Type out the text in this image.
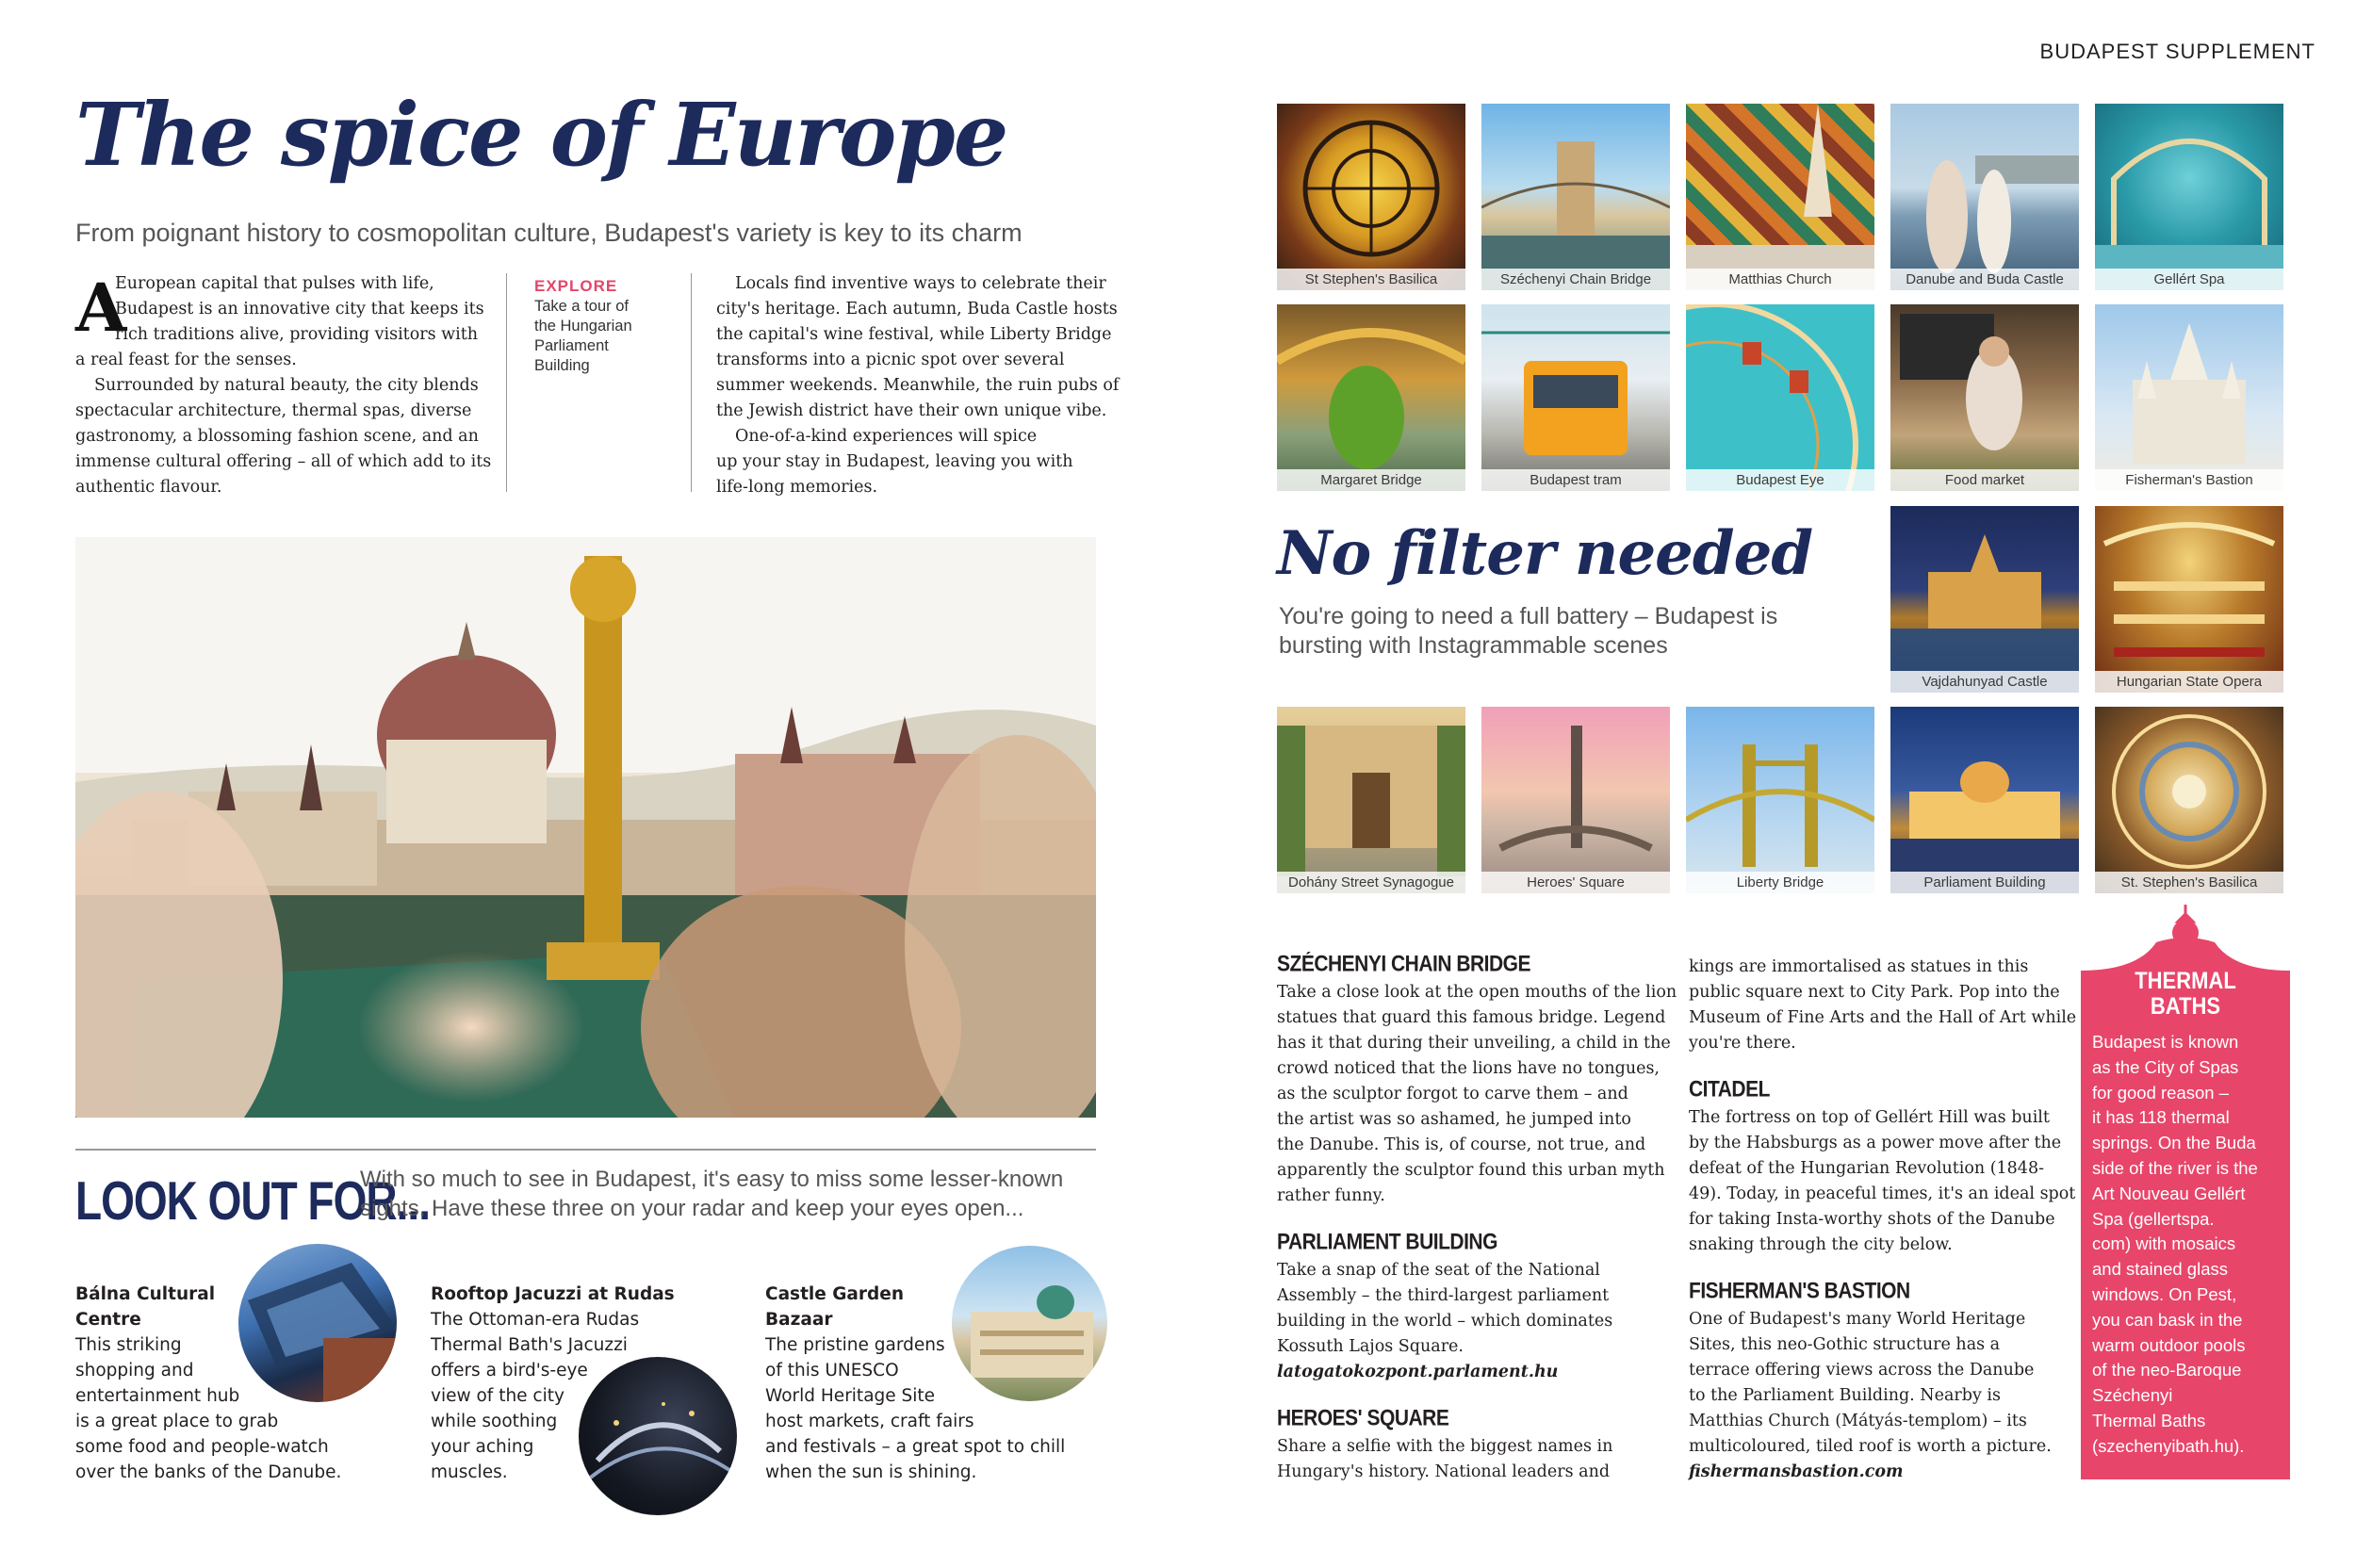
BUDAPEST SUPPLEMENT
The spice of Europe
From poignant history to cosmopolitan culture, Budapest's variety is key to its charm
A
European capital that pulses with life,
Budapest is an innovative city that keeps its
rich traditions alive, providing visitors with
a real feast for the senses.
Surrounded by natural beauty, the city blends
spectacular architecture, thermal spas, diverse
gastronomy, a blossoming fashion scene, and an
immense cultural offering – all of which add to its
authentic flavour.
EXPLORE
Take a tour of
the Hungarian
Parliament
Building
Locals find inventive ways to celebrate their
city's heritage. Each autumn, Buda Castle hosts
the capital's wine festival, while Liberty Bridge
transforms into a picnic spot over several
summer weekends. Meanwhile, the ruin pubs of
the Jewish district have their own unique vibe.
One-of-a-kind experiences will spice
up your stay in Budapest, leaving you with
life-long memories.
LOOK OUT FOR...
With so much to see in Budapest, it's easy to miss some lesser-known
sights. Have these three on your radar and keep your eyes open...
Bálna Cultural
Centre
This striking
shopping and
entertainment hub
is a great place to grab
some food and people-watch
over the banks of the Danube.
Rooftop Jacuzzi at Rudas
The Ottoman-era Rudas
Thermal Bath's Jacuzzi
offers a bird's-eye
view of the city
while soothing
your aching
muscles.
Castle Garden
Bazaar
The pristine gardens
of this UNESCO
World Heritage Site
host markets, craft fairs
and festivals – a great spot to chill
when the sun is shining.
St Stephen's Basilica	Széchenyi Chain Bridge	Matthias Church	Danube and Buda Castle	Gellért Spa
Margaret Bridge	Budapest tram	Budapest Eye	Food market	Fisherman's Bastion
No filter needed
You're going to need a full battery – Budapest is
bursting with Instagrammable scenes
Vajdahunyad Castle	Hungarian State Opera
Dohány Street Synagogue	Heroes' Square	Liberty Bridge	Parliament Building	St. Stephen's Basilica
SZÉCHENYI CHAIN BRIDGE
Take a close look at the open mouths of the lion
statues that guard this famous bridge. Legend
has it that during their unveiling, a child in the
crowd noticed that the lions have no tongues,
as the sculptor forgot to carve them – and
the artist was so ashamed, he jumped into
the Danube. This is, of course, not true, and
apparently the sculptor found this urban myth
rather funny.
PARLIAMENT BUILDING
Take a snap of the seat of the National
Assembly – the third-largest parliament
building in the world – which dominates
Kossuth Lajos Square.
latogatokozpont.parlament.hu
HEROES' SQUARE
Share a selfie with the biggest names in
Hungary's history. National leaders and
kings are immortalised as statues in this
public square next to City Park. Pop into the
Museum of Fine Arts and the Hall of Art while
you're there.
CITADEL
The fortress on top of Gellért Hill was built
by the Habsburgs as a power move after the
defeat of the Hungarian Revolution (1848-
49). Today, in peaceful times, it's an ideal spot
for taking Insta-worthy shots of the Danube
snaking through the city below.
FISHERMAN'S BASTION
One of Budapest's many World Heritage
Sites, this neo-Gothic structure has a
terrace offering views across the Danube
to the Parliament Building. Nearby is
Matthias Church (Mátyás-templom) – its
multicoloured, tiled roof is worth a picture.
fishermansbastion.com
THERMAL
BATHS
Budapest is known
as the City of Spas
for good reason –
it has 118 thermal
springs. On the Buda
side of the river is the
Art Nouveau Gellért
Spa (gellertspa.
com) with mosaics
and stained glass
windows. On Pest,
you can bask in the
warm outdoor pools
of the neo-Baroque
Széchenyi
Thermal Baths
(szechenyibath.hu).
